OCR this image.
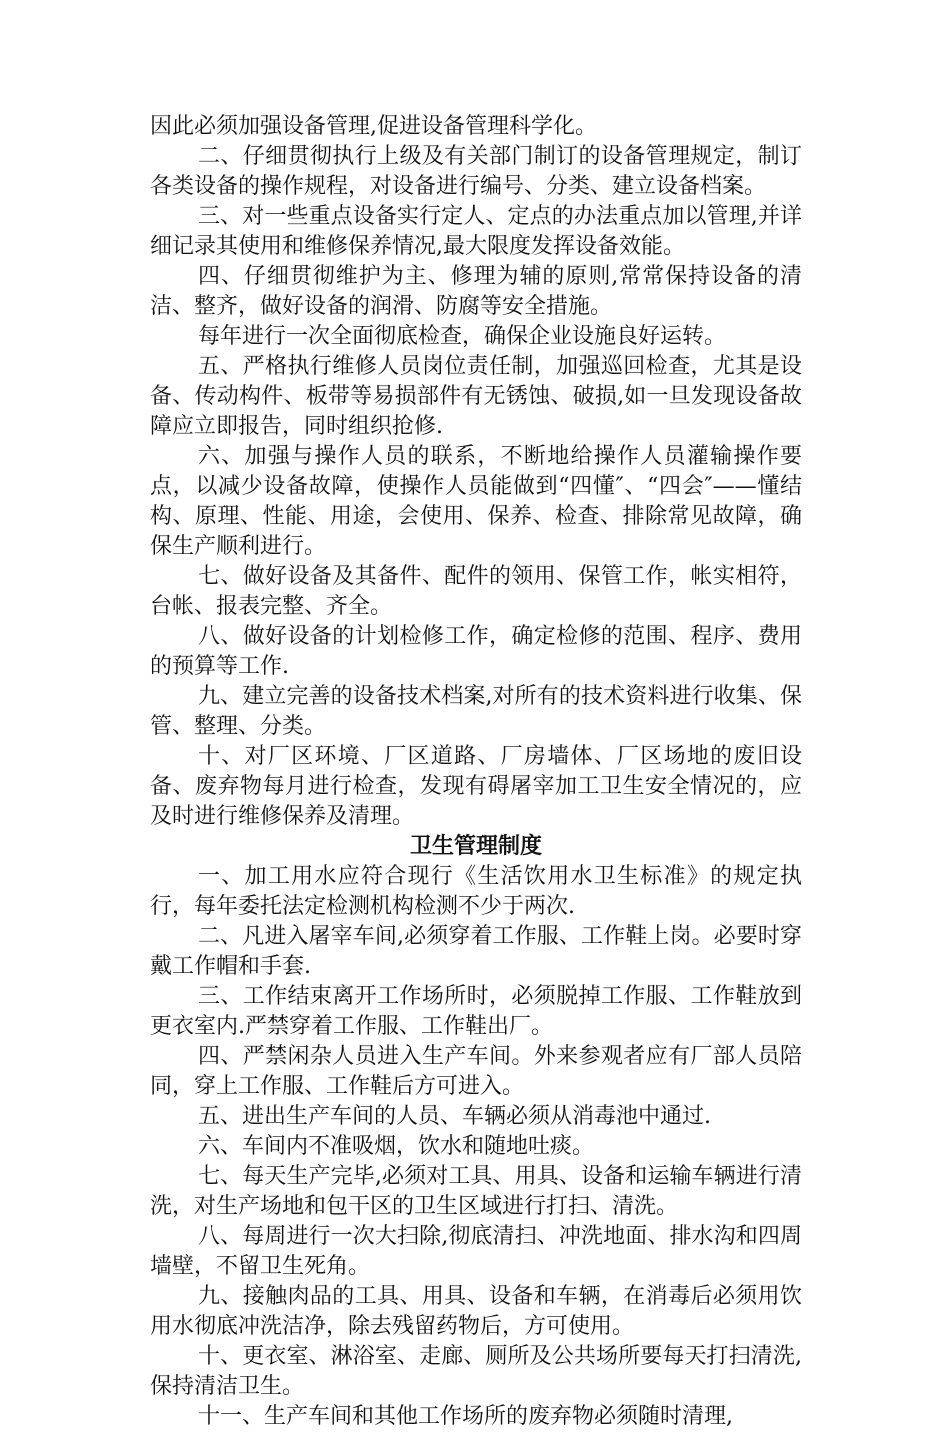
因此必须加强设备管理,促进设备管理科学化。

二、仔细贯彻执行上级及有关部门制订的设备管理规定，制订各类设备的操作规程，对设备进行编号、分类、建立设备档案。

三、对一些重点设备实行定人、定点的办法重点加以管理,并详细记录其使用和维修保养情况,最大限度发挥设备效能。

四、仔细贯彻维护为主、修理为辅的原则,常常保持设备的清洁、整齐，做好设备的润滑、防腐等安全措施。

每年进行一次全面彻底检查，确保企业设施良好运转。

五、严格执行维修人员岗位责任制，加强巡回检查，尤其是设备、传动构件、板带等易损部件有无锈蚀、破损,如一旦发现设备故障应立即报告，同时组织抢修.

六、加强与操作人员的联系，不断地给操作人员灌输操作要点，以减少设备故障，使操作人员能做到“四懂″、“四会″——懂结构、原理、性能、用途，会使用、保养、检查、排除常见故障，确保生产顺利进行。

七、做好设备及其备件、配件的领用、保管工作，帐实相符，台帐、报表完整、齐全。

八、做好设备的计划检修工作，确定检修的范围、程序、费用的预算等工作.

九、建立完善的设备技术档案,对所有的技术资料进行收集、保管、整理、分类。

十、对厂区环境、厂区道路、厂房墙体、厂区场地的废旧设备、废弃物每月进行检查，发现有碍屠宰加工卫生安全情况的，应及时进行维修保养及清理。

卫生管理制度

一、加工用水应符合现行《生活饮用水卫生标准》的规定执行，每年委托法定检测机构检测不少于两次.

二、凡进入屠宰车间,必须穿着工作服、工作鞋上岗。必要时穿戴工作帽和手套.

三、工作结束离开工作场所时，必须脱掉工作服、工作鞋放到更衣室内.严禁穿着工作服、工作鞋出厂。

四、严禁闲杂人员进入生产车间。外来参观者应有厂部人员陪同，穿上工作服、工作鞋后方可进入。

五、进出生产车间的人员、车辆必须从消毒池中通过.

六、车间内不准吸烟，饮水和随地吐痰。

七、每天生产完毕,必须对工具、用具、设备和运输车辆进行清洗，对生产场地和包干区的卫生区域进行打扫、清洗。

八、每周进行一次大扫除,彻底清扫、冲洗地面、排水沟和四周墙壁，不留卫生死角。

九、接触肉品的工具、用具、设备和车辆，在消毒后必须用饮用水彻底冲洗洁净，除去残留药物后，方可使用。

十、更衣室、淋浴室、走廊、厕所及公共场所要每天打扫清洗,保持清洁卫生。

十一、生产车间和其他工作场所的废弃物必须随时清理,
